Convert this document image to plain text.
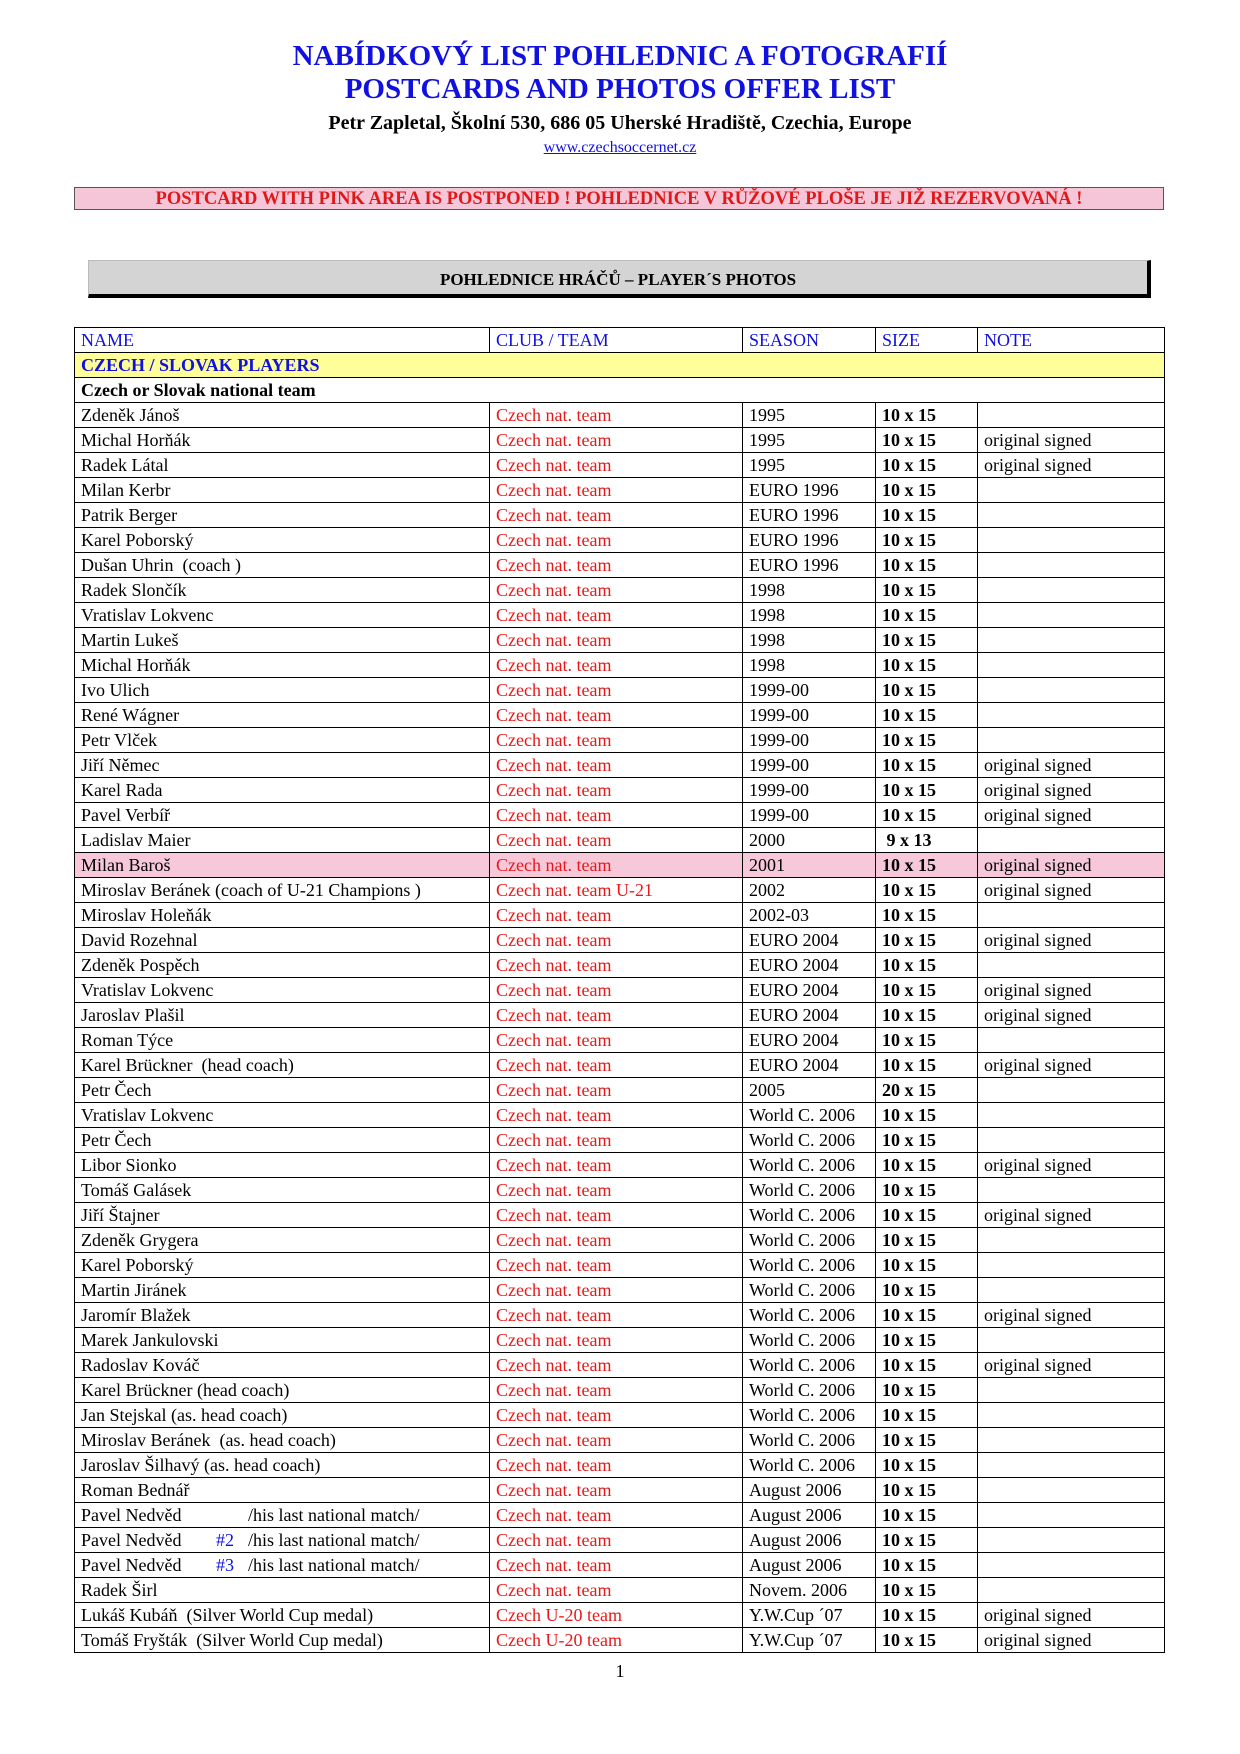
NABÍDKOVÝ LIST POHLEDNIC A FOTOGRAFIÍ
POSTCARDS AND PHOTOS OFFER LIST
Petr Zapletal, Školní 530, 686 05 Uherské Hradiště, Czechia, Europe
www.czechsoccernet.cz
POSTCARD WITH PINK AREA IS POSTPONED ! POHLEDNICE V RŮŽOVÉ PLOŠE JE JIŽ REZERVOVANÁ !
POHLEDNICE HRÁČŮ – PLAYER´S PHOTOS
NAME	CLUB / TEAM	SEASON	SIZE	NOTE
CZECH / SLOVAK PLAYERS				
Czech or Slovak national team				
Zdeněk Jánoš	Czech nat. team	1995	10 x 15	
Michal Horňák	Czech nat. team	1995	10 x 15	original signed
Radek Látal	Czech nat. team	1995	10 x 15	original signed
Milan Kerbr	Czech nat. team	EURO 1996	10 x 15	
Patrik Berger	Czech nat. team	EURO 1996	10 x 15	
Karel Poborský	Czech nat. team	EURO 1996	10 x 15	
Dušan Uhrin  (coach )	Czech nat. team	EURO 1996	10 x 15	
Radek Slončík	Czech nat. team	1998	10 x 15	
Vratislav Lokvenc	Czech nat. team	1998	10 x 15	
Martin Lukeš	Czech nat. team	1998	10 x 15	
Michal Horňák	Czech nat. team	1998	10 x 15	
Ivo Ulich	Czech nat. team	1999-00	10 x 15	
René Wágner	Czech nat. team	1999-00	10 x 15	
Petr Vlček	Czech nat. team	1999-00	10 x 15	
Jiří Němec	Czech nat. team	1999-00	10 x 15	original signed
Karel Rada	Czech nat. team	1999-00	10 x 15	original signed
Pavel Verbíř	Czech nat. team	1999-00	10 x 15	original signed
Ladislav Maier	Czech nat. team	2000	9 x 13	
Milan Baroš	Czech nat. team	2001	10 x 15	original signed
Miroslav Beránek (coach of U-21 Champions )	Czech nat. team U-21	2002	10 x 15	original signed
Miroslav Holeňák	Czech nat. team	2002-03	10 x 15	
David Rozehnal	Czech nat. team	EURO 2004	10 x 15	original signed
Zdeněk Pospěch	Czech nat. team	EURO 2004	10 x 15	
Vratislav Lokvenc	Czech nat. team	EURO 2004	10 x 15	original signed
Jaroslav Plašil	Czech nat. team	EURO 2004	10 x 15	original signed
Roman Týce	Czech nat. team	EURO 2004	10 x 15	
Karel Brückner  (head coach)	Czech nat. team	EURO 2004	10 x 15	original signed
Petr Čech	Czech nat. team	2005	20 x 15	
Vratislav Lokvenc	Czech nat. team	World C. 2006	10 x 15	
Petr Čech	Czech nat. team	World C. 2006	10 x 15	
Libor Sionko	Czech nat. team	World C. 2006	10 x 15	original signed
Tomáš Galásek	Czech nat. team	World C. 2006	10 x 15	
Jiří Štajner	Czech nat. team	World C. 2006	10 x 15	original signed
Zdeněk Grygera	Czech nat. team	World C. 2006	10 x 15	
Karel Poborský	Czech nat. team	World C. 2006	10 x 15	
Martin Jiránek	Czech nat. team	World C. 2006	10 x 15	
Jaromír Blažek	Czech nat. team	World C. 2006	10 x 15	original signed
Marek Jankulovski	Czech nat. team	World C. 2006	10 x 15	
Radoslav Kováč	Czech nat. team	World C. 2006	10 x 15	original signed
Karel Brückner (head coach)	Czech nat. team	World C. 2006	10 x 15	
Jan Stejskal (as. head coach)	Czech nat. team	World C. 2006	10 x 15	
Miroslav Beránek  (as. head coach)	Czech nat. team	World C. 2006	10 x 15	
Jaroslav Šilhavý (as. head coach)	Czech nat. team	World C. 2006	10 x 15	
Roman Bednář	Czech nat. team	August 2006	10 x 15	
Pavel Nedvěd /his last national match/	Czech nat. team	August 2006	10 x 15	
Pavel Nedvěd #2 /his last national match/	Czech nat. team	August 2006	10 x 15	
Pavel Nedvěd #3 /his last national match/	Czech nat. team	August 2006	10 x 15	
Radek Širl	Czech nat. team	Novem. 2006	10 x 15	
Lukáš Kubáň  (Silver World Cup medal)	Czech U-20 team	Y.W.Cup ´07	10 x 15	original signed
Tomáš Fryšták  (Silver World Cup medal)	Czech U-20 team	Y.W.Cup ´07	10 x 15	original signed
1
